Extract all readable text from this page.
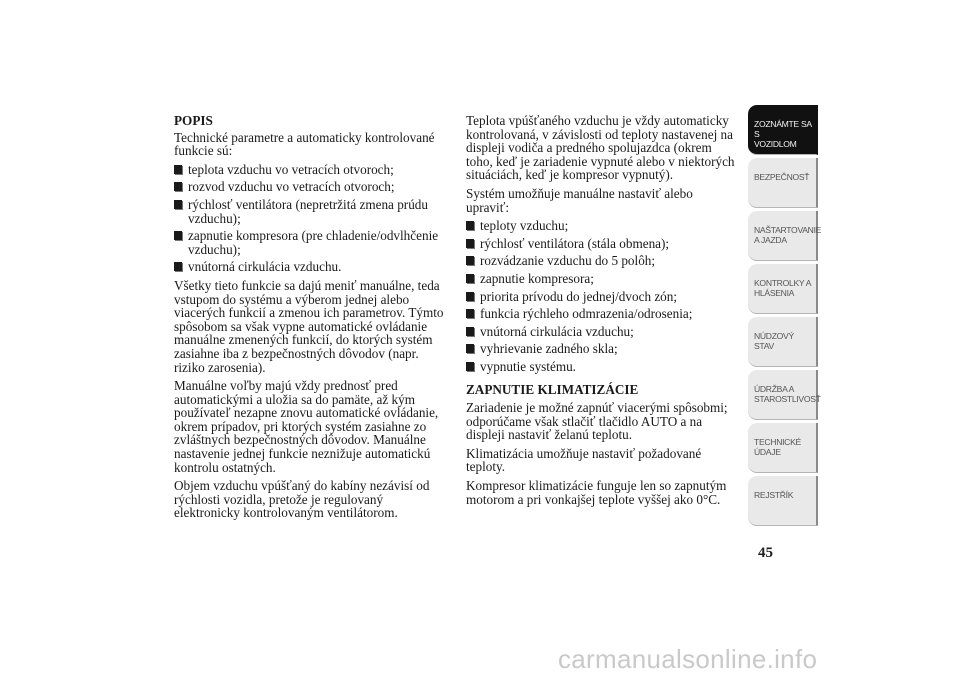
POPIS
Technické parametre a automaticky kontrolované funkcie sú:
teplota vzduchu vo vetracích otvoroch;
rozvod vzduchu vo vetracích otvoroch;
rýchlosť ventilátora (nepretržitá zmena prúdu vzduchu);
zapnutie kompresora (pre chladenie/odvlhčenie vzduchu);
vnútorná cirkulácia vzduchu.
Všetky tieto funkcie sa dajú meniť manuálne, teda vstupom do systému a výberom jednej alebo viacerých funkcií a zmenou ich parametrov. Týmto spôsobom sa však vypne automatické ovládanie manuálne zmenených funkcií, do ktorých systém zasiahne iba z bezpečnostných dôvodov (napr. riziko zarosenia).
Manuálne voľby majú vždy prednosť pred automatickými a uložia sa do pamäte, až kým používateľ nezapne znovu automatické ovládanie, okrem prípadov, pri ktorých systém zasiahne zo zvláštnych bezpečnostných dôvodov. Manuálne nastavenie jednej funkcie neznižuje automatickú kontrolu ostatných.
Objem vzduchu vpúšťaný do kabíny nezávisí od rýchlosti vozidla, pretože je regulovaný elektronicky kontrolovaným ventilátorom.
Teplota vpúšťaného vzduchu je vždy automaticky kontrolovaná, v závislosti od teploty nastavenej na displeji vodiča a predného spolujazdca (okrem toho, keď je zariadenie vypnuté alebo v niektorých situáciách, keď je kompresor vypnutý).
Systém umožňuje manuálne nastaviť alebo upraviť:
teploty vzduchu;
rýchlosť ventilátora (stála obmena);
rozvádzanie vzduchu do 5 polôh;
zapnutie kompresora;
priorita prívodu do jednej/dvoch zón;
funkcia rýchleho odmrazenia/odrosenia;
vnútorná cirkulácia vzduchu;
vyhrievanie zadného skla;
vypnutie systému.
ZAPNUTIE KLIMATIZÁCIE
Zariadenie je možné zapnúť viacerými spôsobmi; odporúčame však stlačiť tlačidlo AUTO a na displeji nastaviť želanú teplotu.
Klimatizácia umožňuje nastaviť požadované teploty.
Kompresor klimatizácie funguje len so zapnutým motorom a pri vonkajšej teplote vyššej ako 0°C.
ZOZNÁMTE SA S
VOZIDLOM
BEZPEČNOSŤ

NAŠTARTOVANIE
A JAZDA
KONTROLKY A
HLÁSENIA
NÚDZOVÝ STAV

ÚDRŽBA A
STAROSTLIVOSŤ
TECHNICKÉ
ÚDAJE
REJSTŘÍK

45
carmanualsonline.info
